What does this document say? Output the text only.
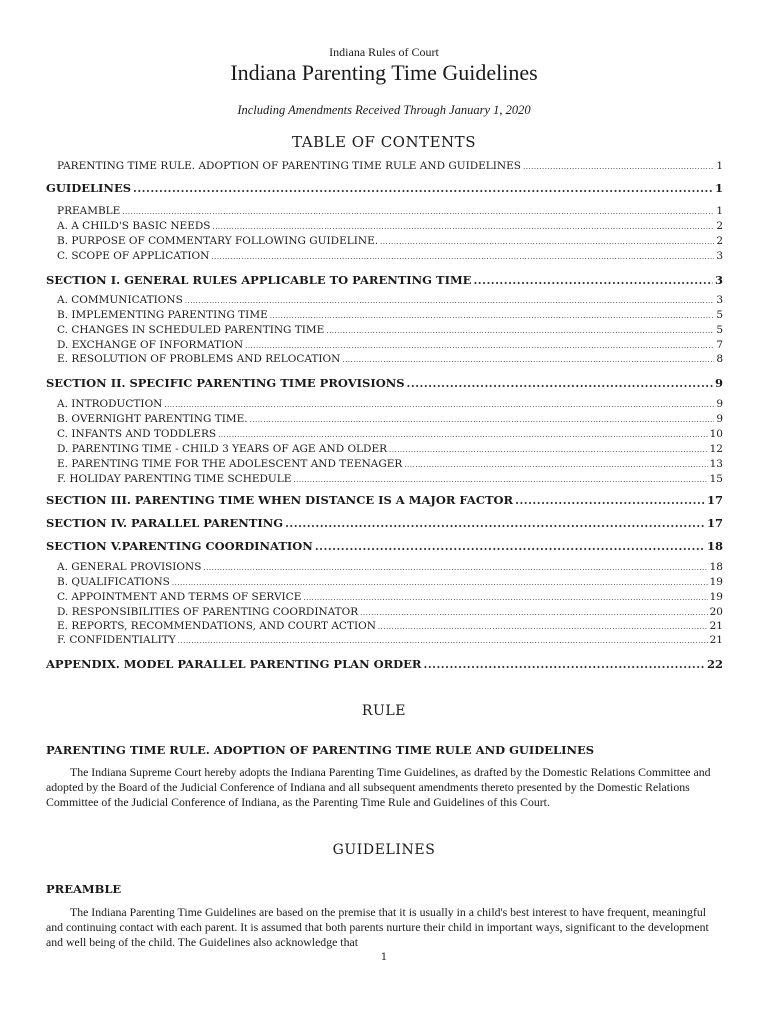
Indiana Rules of Court
Indiana Parenting Time Guidelines
Including Amendments Received Through January 1, 2020
TABLE OF CONTENTS
PARENTING TIME RULE. ADOPTION OF PARENTING TIME RULE AND GUIDELINES .....	1
GUIDELINES .....	1
PREAMBLE .....	1
A. A CHILD'S BASIC NEEDS .....	2
B. PURPOSE OF COMMENTARY FOLLOWING GUIDELINE. .....	2
C. SCOPE OF APPLICATION .....	3
SECTION I. GENERAL RULES APPLICABLE TO PARENTING TIME .....	3
A. COMMUNICATIONS .....	3
B. IMPLEMENTING PARENTING TIME .....	5
C. CHANGES IN SCHEDULED PARENTING TIME .....	5
D. EXCHANGE OF INFORMATION .....	7
E. RESOLUTION OF PROBLEMS AND RELOCATION .....	8
SECTION II. SPECIFIC PARENTING TIME PROVISIONS .....	9
A. INTRODUCTION .....	9
B. OVERNIGHT PARENTING TIME. .....	9
C. INFANTS AND TODDLERS .....	10
D. PARENTING TIME - CHILD 3 YEARS OF AGE AND OLDER .....	12
E. PARENTING TIME FOR THE ADOLESCENT AND TEENAGER .....	13
F. HOLIDAY PARENTING TIME SCHEDULE .....	15
SECTION III. PARENTING TIME WHEN DISTANCE IS A MAJOR FACTOR .....	17
SECTION IV. PARALLEL PARENTING .....	17
SECTION V.PARENTING COORDINATION .....	18
A. GENERAL PROVISIONS .....	18
B. QUALIFICATIONS .....	19
C. APPOINTMENT AND TERMS OF SERVICE .....	19
D. RESPONSIBILITIES OF PARENTING COORDINATOR .....	20
E. REPORTS, RECOMMENDATIONS, AND COURT ACTION .....	21
F. CONFIDENTIALITY .....	21
APPENDIX. MODEL PARALLEL PARENTING PLAN ORDER .....	22
RULE
PARENTING TIME RULE. ADOPTION OF PARENTING TIME RULE AND GUIDELINES
The Indiana Supreme Court hereby adopts the Indiana Parenting Time Guidelines, as drafted by the Domestic Relations Committee and adopted by the Board of the Judicial Conference of Indiana and all subsequent amendments thereto presented by the Domestic Relations Committee of the Judicial Conference of Indiana, as the Parenting Time Rule and Guidelines of this Court.
GUIDELINES
PREAMBLE
The Indiana Parenting Time Guidelines are based on the premise that it is usually in a child's best interest to have frequent, meaningful and continuing contact with each parent. It is assumed that both parents nurture their child in important ways, significant to the development and well being of the child. The Guidelines also acknowledge that
1
